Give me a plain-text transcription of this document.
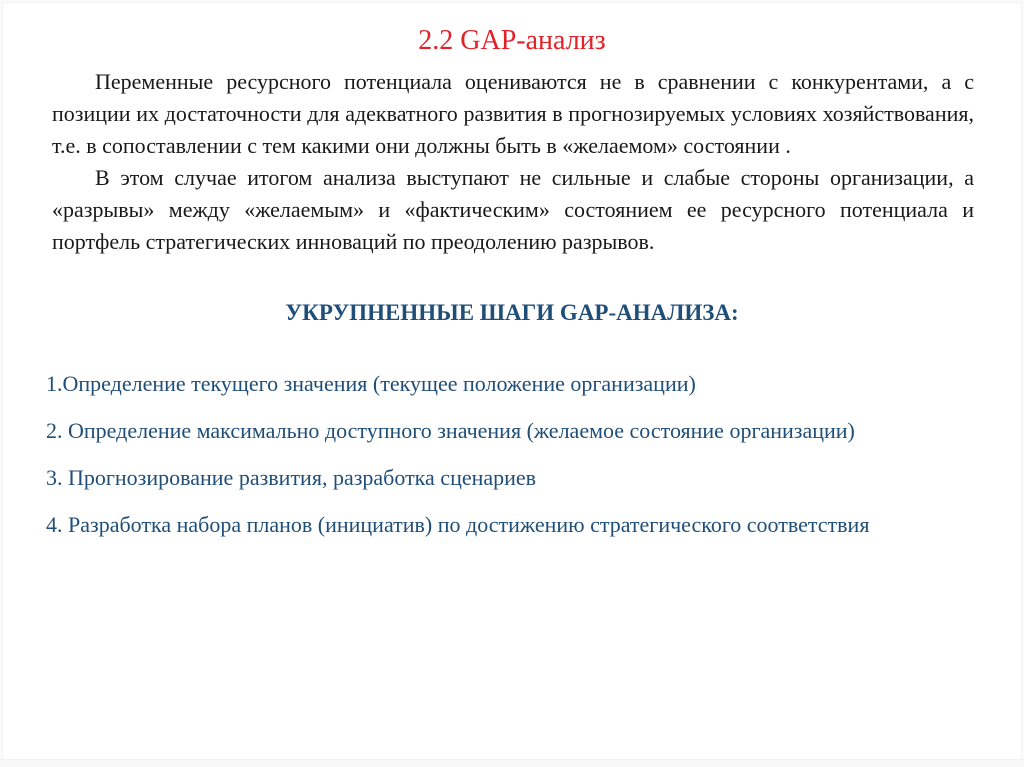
2.2 GAP-анализ

Переменные ресурсного потенциала оцениваются не в сравнении с конкурентами, а с позиции их достаточности для адекватного развития в прогнозируемых условиях хозяйствования, т.е. в сопоставлении с тем какими они должны быть в «желаемом» состоянии .

В этом случае итогом анализа выступают не сильные и слабые стороны организации, а «разрывы» между «желаемым» и «фактическим» состоянием ее ресурсного потенциала и портфель стратегических инноваций по преодолению разрывов.

УКРУПНЕННЫЕ ШАГИ GAP-АНАЛИЗА:
1.Определение текущего значения (текущее положение организации)
2. Определение максимально доступного значения (желаемое состояние организации)
3. Прогнозирование развития, разработка сценариев
4. Разработка набора планов (инициатив) по достижению стратегического соответствия
